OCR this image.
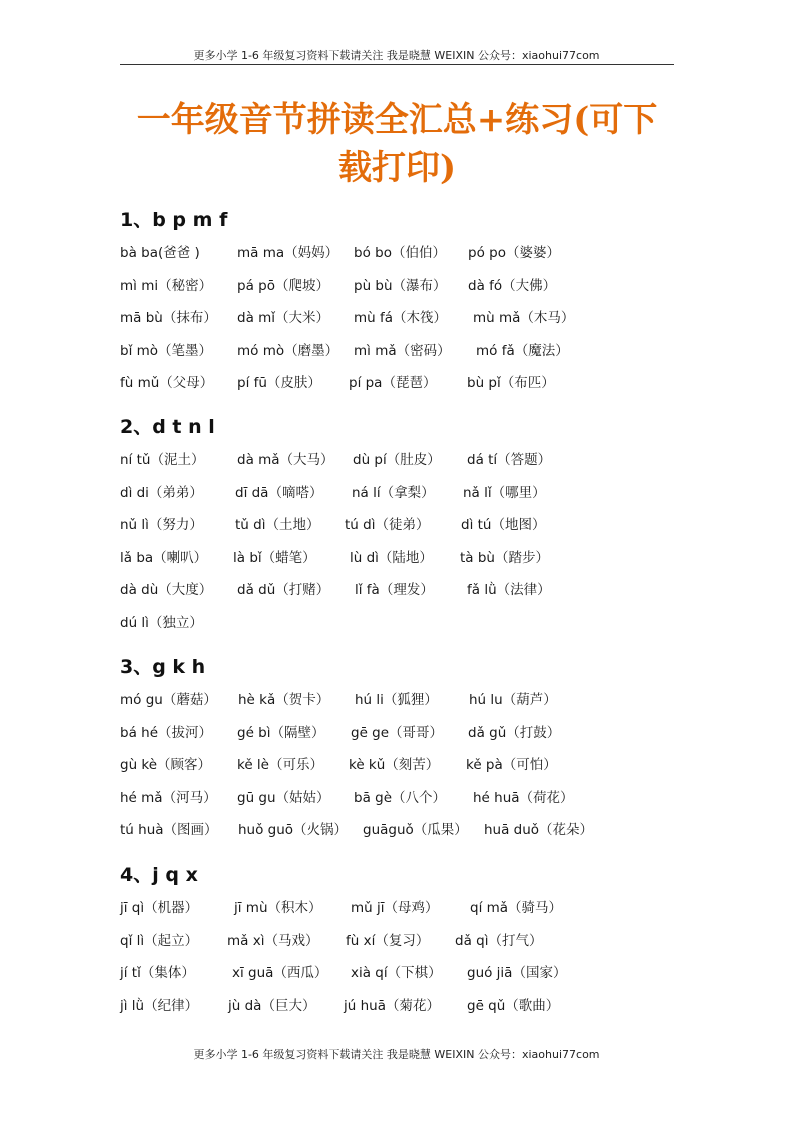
更多小学 1-6 年级复习资料下载请关注 我是晓慧 WEIXIN 公众号：xiaohui77com
一年级音节拼读全汇总+练习(可下
载打印)
1、b p m f
bà ba(爸爸 )	mā ma（妈妈） bó bo（伯伯） pó po（婆婆）
mì mi（秘密） pá pō（爬坡） pù bù（瀑布） dà fó（大佛）
mā bù（抹布） dà mǐ（大米） mù fá（木筏） mù mǎ（木马）
bǐ mò（笔墨） mó mò（磨墨） mì mǎ（密码） mó fǎ（魔法）
fù mǔ（父母） pí fū（皮肤） pí pa（琵琶） bù pǐ（布匹）
2、d t n l
ní tǔ（泥土） dà mǎ（大马） dù pí（肚皮） dá tí（答题）
dì di（弟弟） dī dā（嘀嗒） ná lí（拿梨） nǎ lǐ（哪里）
nǔ lì（努力） tǔ dì（土地） tú dì（徒弟） dì tú（地图）
lǎ ba（喇叭） là bǐ（蜡笔）	lù dì（陆地） tà bù（踏步）
dà dù（大度） dǎ dǔ（打赌） lǐ fà（理发） fǎ lǜ（法律）
dú lì（独立）
3、g k h
mó gu（蘑菇） hè kǎ（贺卡） hú li（狐狸） hú lu（葫芦）
bá hé（拔河） gé bì（隔壁） gē ge（哥哥） dǎ gǔ（打鼓）
gù kè（顾客） kě lè（可乐） kè kǔ（刻苦） kě pà（可怕）
hé mǎ（河马） gū gu（姑姑） bā gè（八个） hé huā（荷花）
tú huà（图画） huǒ guō（火锅） guāguǒ（瓜果） huā duǒ（花朵）
4、j q x
jī qì（机器）	jī mù（积木） mǔ jī（母鸡） qí mǎ（骑马）
qǐ lì（起立） mǎ xì（马戏） fù xí（复习） dǎ qì（打气）
jí tǐ（集体）	xī guā（西瓜） xià qí（下棋） guó jiā（国家）
jì lǜ（纪律） jù dà（巨大） jú huā（菊花） gē qǔ（歌曲）
更多小学 1-6 年级复习资料下载请关注 我是晓慧 WEIXIN 公众号：xiaohui77com
